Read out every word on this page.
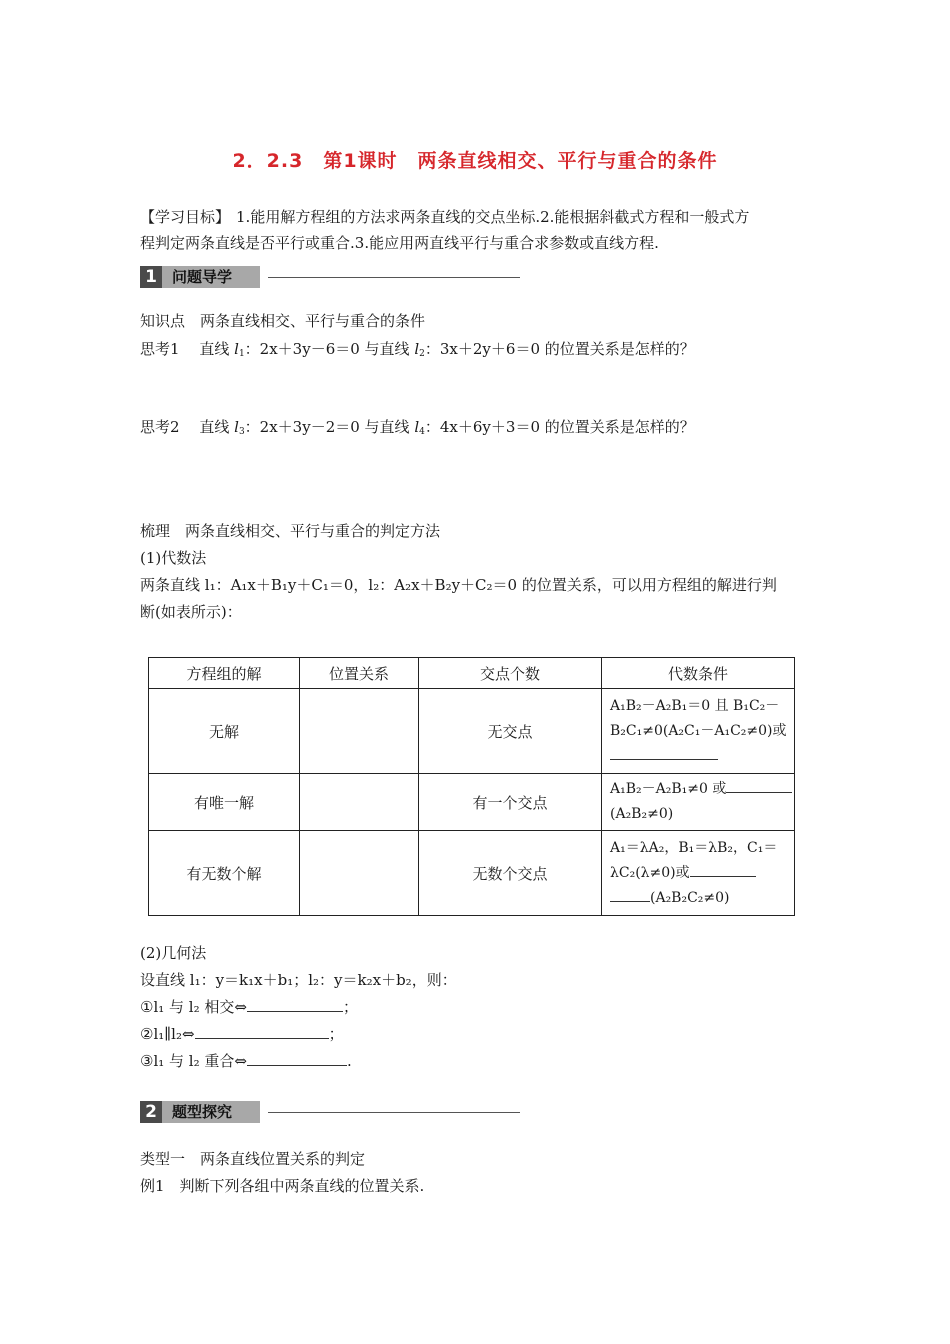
2．2.3　第1课时　两条直线相交、平行与重合的条件
【学习目标】 1.能用解方程组的方法求两条直线的交点坐标.2.能根据斜截式方程和一般式方
程判定两条直线是否平行或重合.3.能应用两直线平行与重合求参数或直线方程.
1	问题导学
知识点　两条直线相交、平行与重合的条件
思考1　 直线 $l_1$：2x＋3y－6＝0 与直线 $l_2$：3x＋2y＋6＝0 的位置关系是怎样的？
思考2　 直线 $l_3$：2x＋3y－2＝0 与直线 $l_4$：4x＋6y＋3＝0 的位置关系是怎样的？
梳理　两条直线相交、平行与重合的判定方法
(1)代数法
两条直线 l₁：A₁x＋B₁y＋C₁＝0，l₂：A₂x＋B₂y＋C₂＝0 的位置关系，可以用方程组的解进行判
断(如表所示)：
方程组的解	位置关系	交点个数	代数条件
无解		无交点	A₁B₂－A₂B₁＝0 且 B₁C₂－
B₂C₁≠0(A₂C₁－A₁C₂≠0)或

有唯一解		有一个交点	A₁B₂－A₂B₁≠0 或
(A₂B₂≠0)

有无数个解		无数个交点	A₁＝λA₂，B₁＝λB₂，C₁＝
λC₂(λ≠0)或
(A₂B₂C₂≠0)
(2)几何法
设直线 l₁：y＝k₁x＋b₁；l₂：y＝k₂x＋b₂，则：
①l₁ 与 l₂ 相交⇔	；
②l₁∥l₂⇔	；
③l₁ 与 l₂ 重合⇔	.
2	题型探究
类型一　两条直线位置关系的判定
例1　判断下列各组中两条直线的位置关系.
